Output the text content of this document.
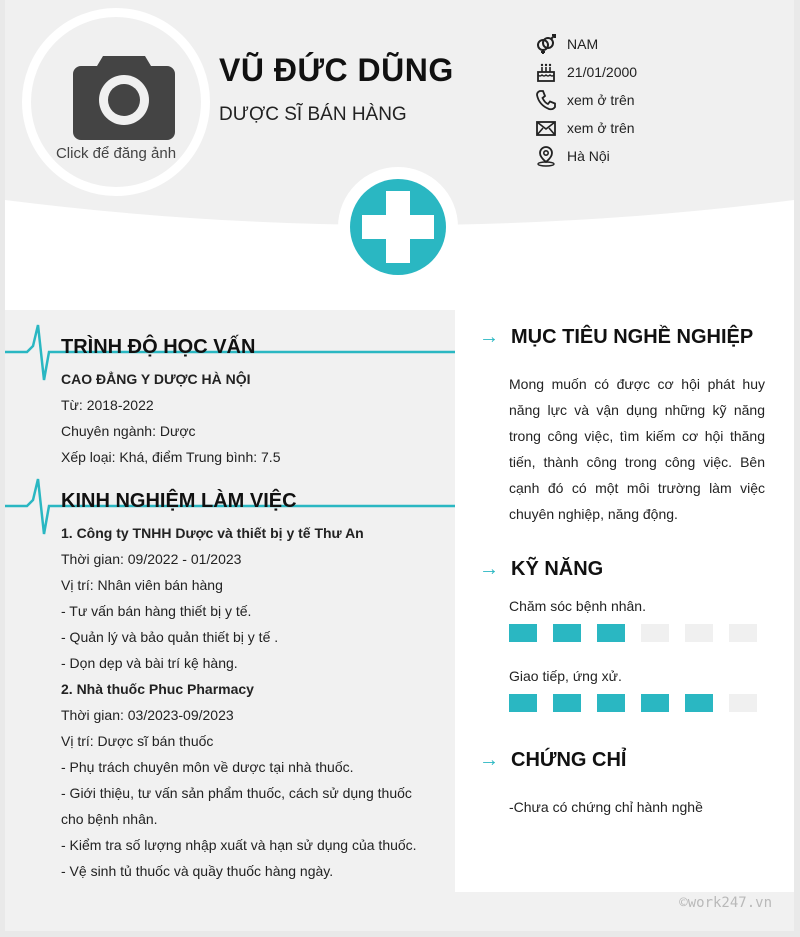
Click để đăng ảnh
VŨ ĐỨC DŨNG
DƯỢC SĨ BÁN HÀNG
NAM
21/01/2000
xem ở trên
xem ở trên
Hà Nội
TRÌNH ĐỘ HỌC VẤN
CAO ĐẲNG Y DƯỢC HÀ NỘI
Từ: 2018-2022
Chuyên ngành: Dược
Xếp loại: Khá, điểm Trung bình: 7.5
KINH NGHIỆM LÀM VIỆC
1. Công ty TNHH Dược và thiết bị y tế Thư An
Thời gian: 09/2022 - 01/2023
Vị trí: Nhân viên bán hàng
- Tư vấn bán hàng thiết bị y tế.
- Quản lý và bảo quản thiết bị y tế .
- Dọn dẹp và bài trí kệ hàng.
2. Nhà thuốc Phuc Pharmacy
Thời gian: 03/2023-09/2023
Vị trí: Dược sĩ bán thuốc
- Phụ trách chuyên môn về dược tại nhà thuốc.
- Giới thiệu, tư vấn sản phẩm thuốc, cách sử dụng thuốc
cho bệnh nhân.
- Kiểm tra số lượng nhập xuất và hạn sử dụng của thuốc.
- Vệ sinh tủ thuốc và quầy thuốc hàng ngày.
→ MỤC TIÊU NGHỀ NGHIỆP
Mong muốn có được cơ hội phát huy
năng lực và vận dụng những kỹ năng
trong công việc, tìm kiếm cơ hội thăng
tiến, thành công trong công việc. Bên
cạnh đó có một môi trường làm việc
chuyên nghiệp, năng động.
→ KỸ NĂNG
Chăm sóc bệnh nhân.
Giao tiếp, ứng xử.
→ CHỨNG CHỈ
-Chưa có chứng chỉ hành nghề
©work247.vn
